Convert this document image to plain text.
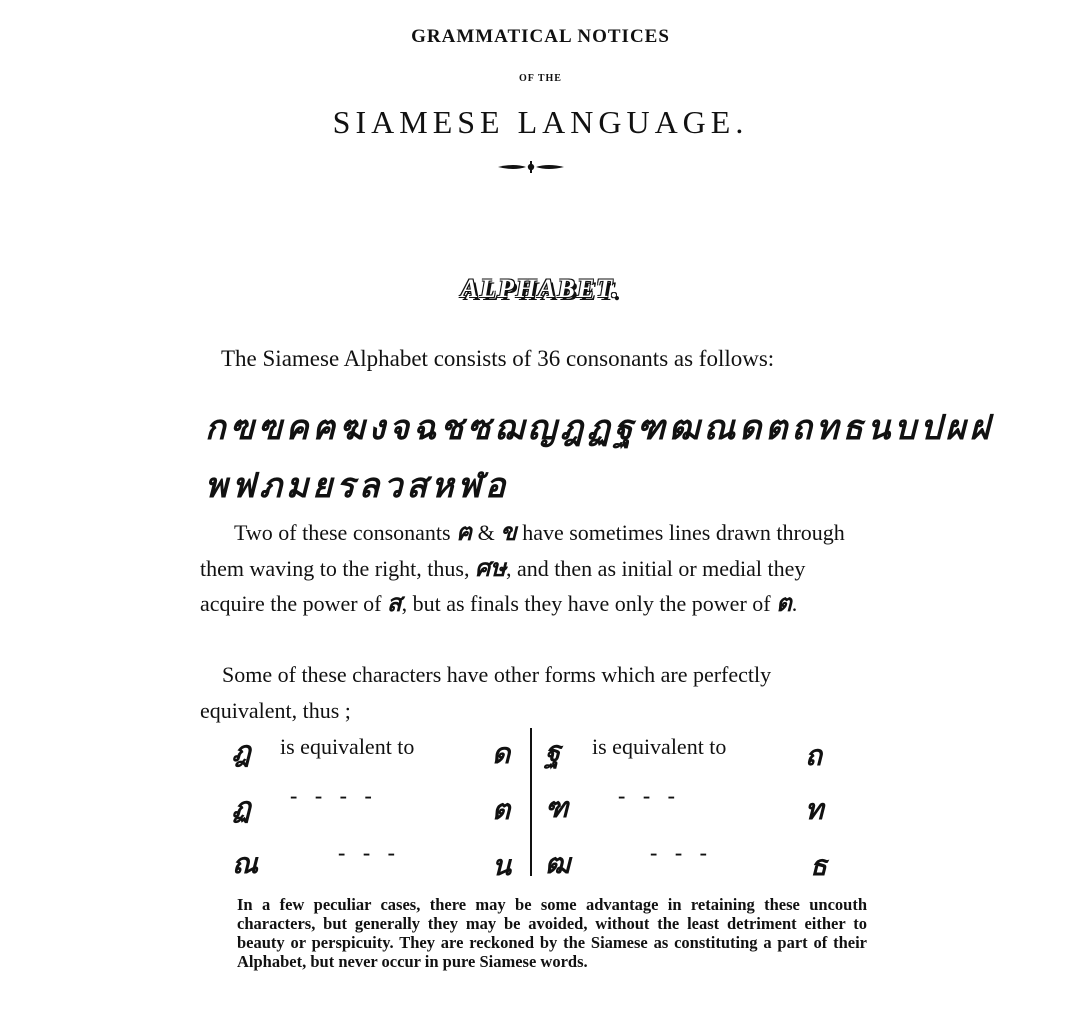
GRAMMATICAL NOTICES
OF THE
SIAMESE LANGUAGE.
ALPHABET.
The Siamese Alphabet consists of 36 consonants as follows:
กฃฃคฅฆงจฉชซฌญฎฏฐฑฒณดตถทธนบปผฝ
พฟภมยรลวสหฬอ
Two of these consonants ฅ & ข have sometimes lines drawn through them waving to the right, thus, ศษ, and then as initial or medial they acquire the power of ส, but as finals they have only the power of ต.
Some of these characters have other forms which are perfectly equivalent, thus ;
ฎ is equivalent to	ด
ฏ - - - -	ต
ณ	- - -	น
ฐ is equivalent to	ถ
ฑ - - -	ท
ฒ	- - -	ธ
In a few peculiar cases, there may be some advantage in retaining these uncouth characters, but generally they may be avoided, without the least detriment either to beauty or perspicuity. They are reckoned by the Siamese as constituting a part of their Alphabet, but never occur in pure Siamese words.
